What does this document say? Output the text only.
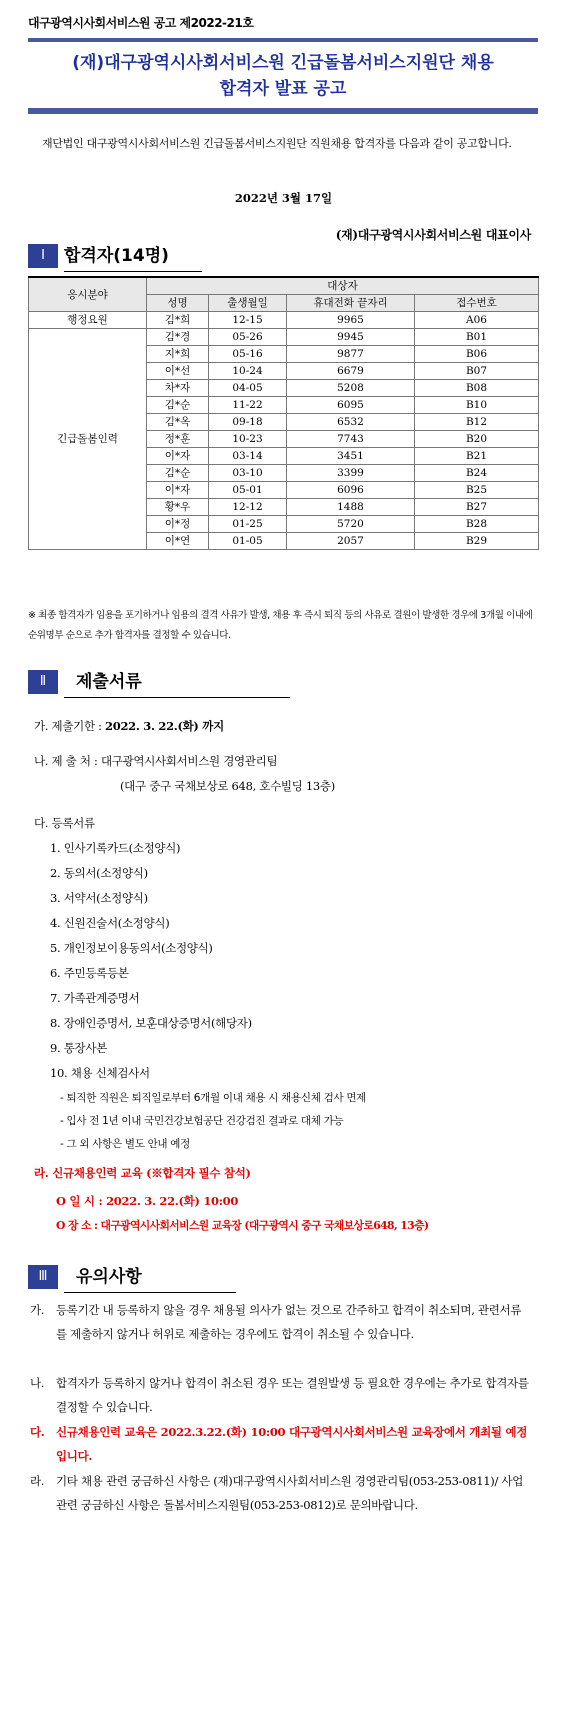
대구광역시사회서비스원 공고 제2022-21호
(재)대구광역시사회서비스원 긴급돌봄서비스지원단 채용
합격자 발표 공고
재단법인 대구광역시사회서비스원 긴급돌봄서비스지원단 직원채용 합격자를 다음과 같이 공고합니다.
2022년 3월 17일
(재)대구광역시사회서비스원 대표이사
Ⅰ	합격자(14명)
응시분야	대상자			
	성명	출생월일	휴대전화 끝자리	접수번호
행정요원	김*희	12-15	9965	A06
긴급돌봄인력	김*경	05-26	9945	B01
	지*희	05-16	9877	B06
	이*선	10-24	6679	B07
	차*자	04-05	5208	B08
	김*순	11-22	6095	B10
	김*옥	09-18	6532	B12
	정*훈	10-23	7743	B20
	이*자	03-14	3451	B21
	김*순	03-10	3399	B24
	이*자	05-01	6096	B25
	황*우	12-12	1488	B27
	이*정	01-25	5720	B28
	이*연	01-05	2057	B29
※ 최종 합격자가 임용을 포기하거나 임용의 결격 사유가 발생, 채용 후 즉시 퇴직 등의 사유로 결원이 발생한 경우에 3개월 이내에 순위명부 순으로 추가 합격자를 결정할 수 있습니다.
Ⅱ	제출서류
가. 제출기한 : 2022. 3. 22.(화) 까지
나. 제 출 처 : 대구광역시사회서비스원 경영관리팀
(대구 중구 국채보상로 648, 호수빌딩 13층)
다. 등록서류
1. 인사기록카드(소정양식)
2. 동의서(소정양식)
3. 서약서(소정양식)
4. 신원진술서(소정양식)
5. 개인정보이용동의서(소정양식)
6. 주민등록등본
7. 가족관계증명서
8. 장애인증명서, 보훈대상증명서(해당자)
9. 통장사본
10. 채용 신체검사서
- 퇴직한 직원은 퇴직일로부터 6개월 이내 채용 시 채용신체 검사 면제
- 입사 전 1년 이내 국민건강보험공단 건강검진 결과로 대체 가능
- 그 외 사항은 별도 안내 예정
라. 신규채용인력 교육 (※합격자 필수 참석)
O 일 시 : 2022. 3. 22.(화) 10:00
O 장 소 : 대구광역시사회서비스원 교육장 (대구광역시 중구 국채보상로648, 13층)
Ⅲ	유의사항
가.	등록기간 내 등록하지 않을 경우 채용될 의사가 없는 것으로 간주하고 합격이 취소되며, 관련서류를 제출하지 않거나 허위로 제출하는 경우에도 합격이 취소될 수 있습니다.
나.	합격자가 등록하지 않거나 합격이 취소된 경우 또는 결원발생 등 필요한 경우에는 추가로 합격자를 결정할 수 있습니다.
다. 신규채용인력 교육은 2022.3.22.(화) 10:00 대구광역시사회서비스원 교육장에서 개최될 예정입니다.
라.	기타 채용 관련 궁금하신 사항은 (재)대구광역시사회서비스원 경영관리팀(053-253-0811)/ 사업 관련 궁금하신 사항은 돌봄서비스지원팀(053-253-0812)로 문의바랍니다.
